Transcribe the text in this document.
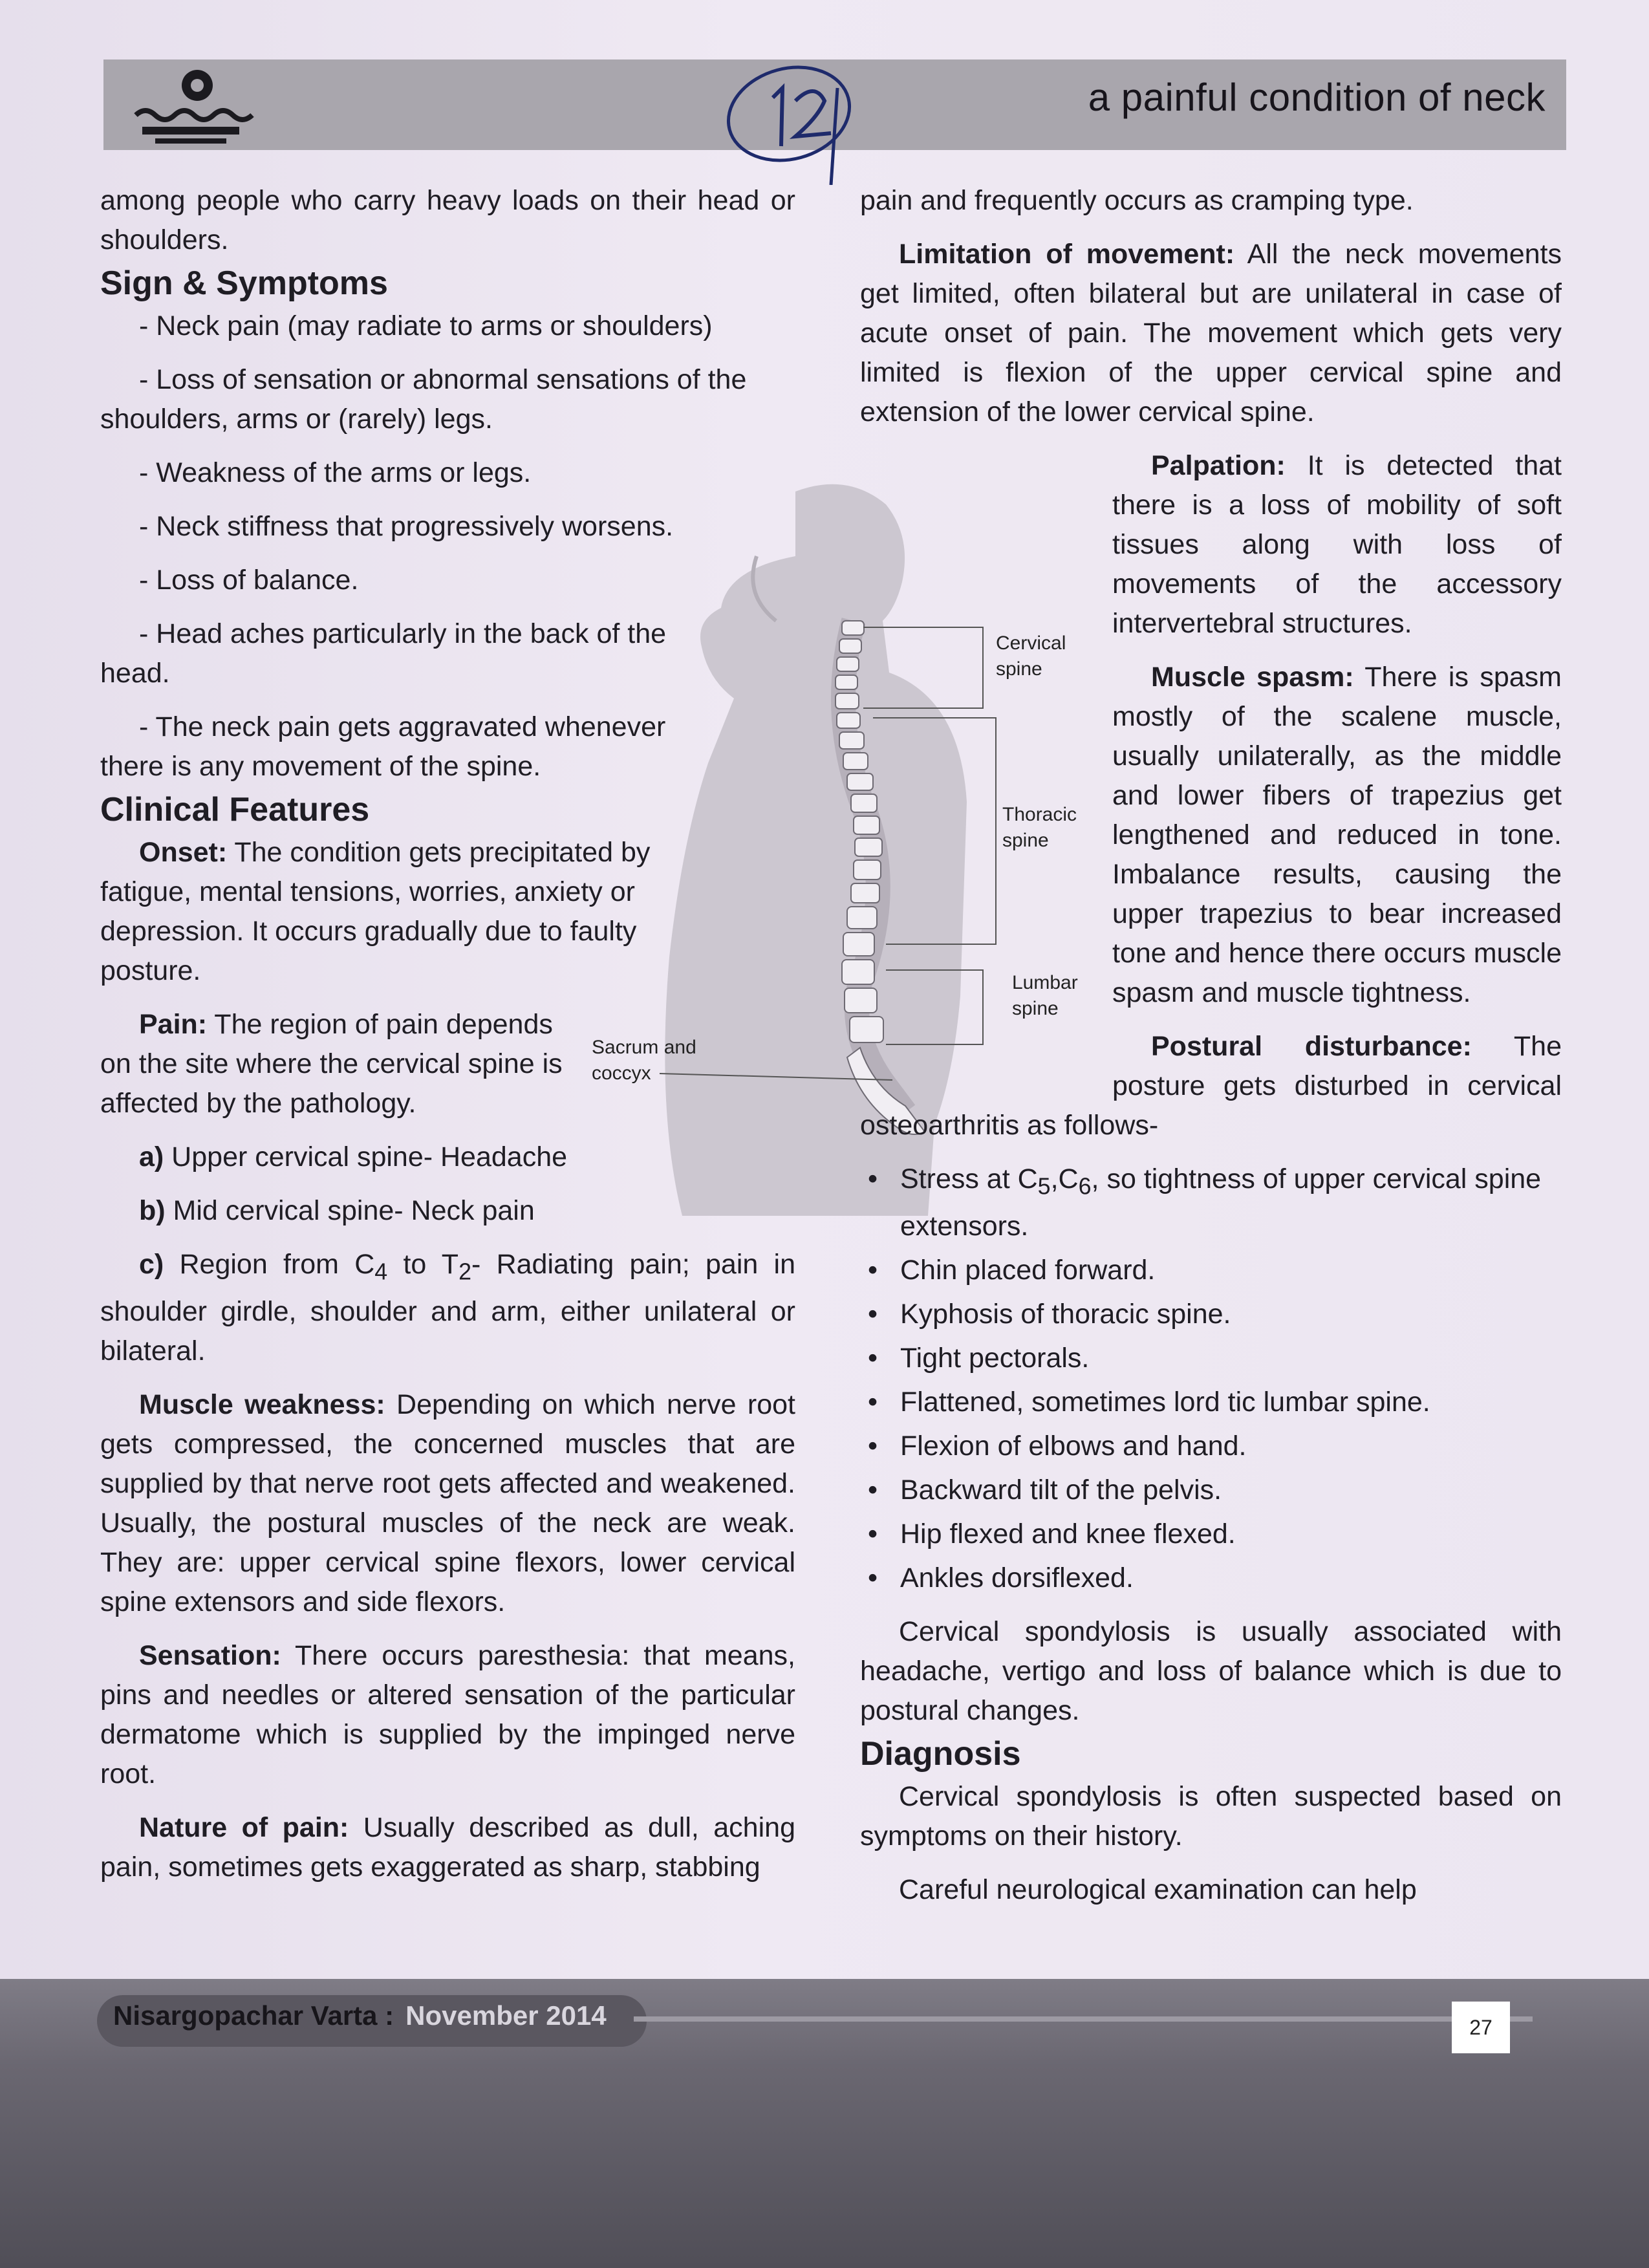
a painful condition of neck
12

among people who carry heavy loads on their head or shoulders.

Sign & Symptoms

- Neck pain (may radiate to arms or shoulders)

- Loss of sensation or abnormal sensations of the shoulders, arms or (rarely) legs.

- Weakness of the arms or legs.

- Neck stiffness that progressively worsens.

- Loss of balance.

- Head aches particularly in the back of the head.

- The neck pain gets aggravated whenever there is any movement of the spine.

Clinical Features

Onset: The condition gets precipitated by fatigue, mental tensions, worries, anxiety or depression. It occurs gradually due to faulty posture.

Pain: The region of pain depends on the site where the cervical spine is affected by the pathology.

a) Upper cervical spine- Headache

b) Mid cervical spine- Neck pain

c) Region from $C_4$ to $T_2-$ Radiating pain; pain in shoulder girdle, shoulder and arm, either unilateral or bilateral.

Muscle weakness: Depending on which nerve root gets compressed, the concerned muscles that are supplied by that nerve root gets affected and weakened. Usually, the postural muscles of the neck are weak. They are: upper cervical spine flexors, lower cervical spine extensors and side flexors.

Sensation: There occurs paresthesia: that means, pins and needles or altered sensation of the particular dermatome which is supplied by the impinged nerve root.

Nature of pain: Usually described as dull, aching pain, sometimes gets exaggerated as sharp, stabbing

Cervical spine
Thoracic spine
Lumbar spine
Sacrum and coccyx

pain and frequently occurs as cramping type.

Limitation of movement: All the neck movements get limited, often bilateral but are unilateral in case of acute onset of pain. The movement which gets very limited is flexion of the upper cervical spine and extension of the lower cervical spine.

Palpation: It is detected that there is a loss of mobility of soft tissues along with loss of movements of the accessory intervertebral structures.

Muscle spasm: There is spasm mostly of the scalene muscle, usually unilaterally, as the middle and lower fibers of trapezius get lengthened and reduced in tone. Imbalance results, causing the upper trapezius to bear increased tone and hence there occurs muscle spasm and muscle tightness.

Postural disturbance: The posture gets disturbed in cervical osteoarthritis as follows-

• Stress at $C_5,C_6$, so tightness of upper cervical spine extensors.

• Chin placed forward.
• Kyphosis of thoracic spine.
• Tight pectorals.
• Flattened, sometimes lord tic lumbar spine.
• Flexion of elbows and hand.
• Backward tilt of the pelvis.
• Hip flexed and knee flexed.
• Ankles dorsiflexed.

Cervical spondylosis is usually associated with headache, vertigo and loss of balance which is due to postural changes.

Diagnosis

Cervical spondylosis is often suspected based on symptoms on their history.

Careful neurological examination can help

Nisargopachar Varta : November 2014	27
